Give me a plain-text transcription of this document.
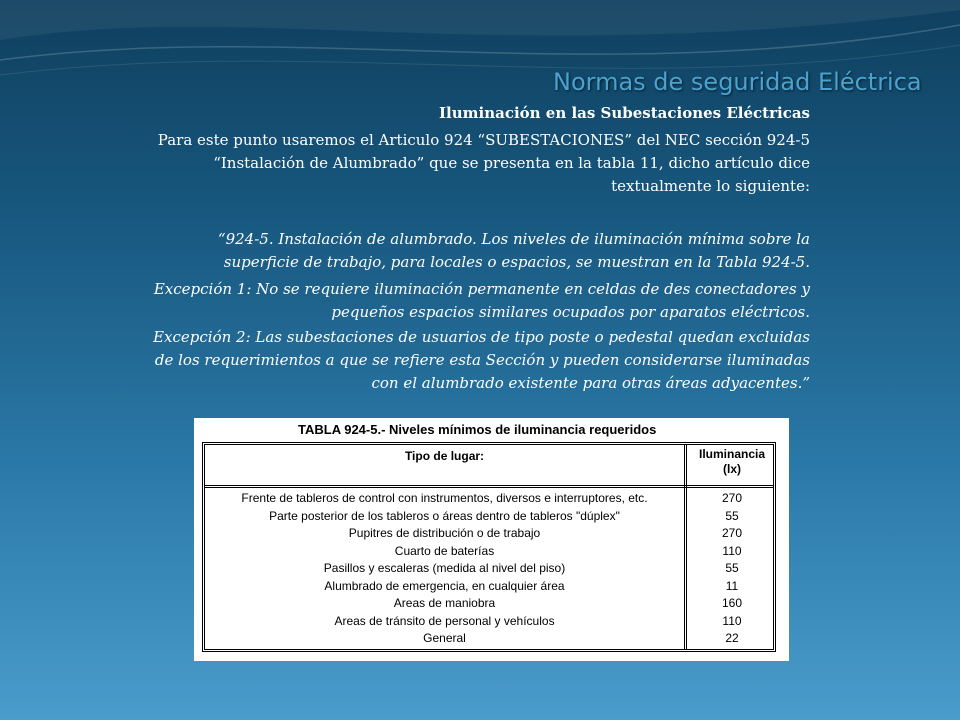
Normas de seguridad Eléctrica
Iluminación en las Subestaciones Eléctricas
Para este punto usaremos el Articulo 924 “SUBESTACIONES” del NEC sección 924-5 “Instalación de Alumbrado” que se presenta en la tabla 11, dicho artículo dice textualmente lo siguiente:
“924-5. Instalación de alumbrado. Los niveles de iluminación mínima sobre la superficie de trabajo, para locales o espacios, se muestran en la Tabla 924-5.
Excepción 1: No se requiere iluminación permanente en celdas de des conectadores y pequeños espacios similares ocupados por aparatos eléctricos.
Excepción 2: Las subestaciones de usuarios de tipo poste o pedestal quedan excluidas de los requerimientos a que se refiere esta Sección y pueden considerarse iluminadas con el alumbrado existente para otras áreas adyacentes.”
TABLA 924-5.- Niveles mínimos de iluminancia requeridos
Tipo de lugar:	Iluminancia
(lx)
Frente de tableros de control con instrumentos, diversos e interruptores, etc.	270
Parte posterior de los tableros o áreas dentro de tableros "dúplex"	55
Pupitres de distribución o de trabajo	270
Cuarto de baterías	110
Pasillos y escaleras (medida al nivel del piso)	55
Alumbrado de emergencia, en cualquier área	11
Areas de maniobra	160
Areas de tránsito de personal y vehículos	110
General	22
